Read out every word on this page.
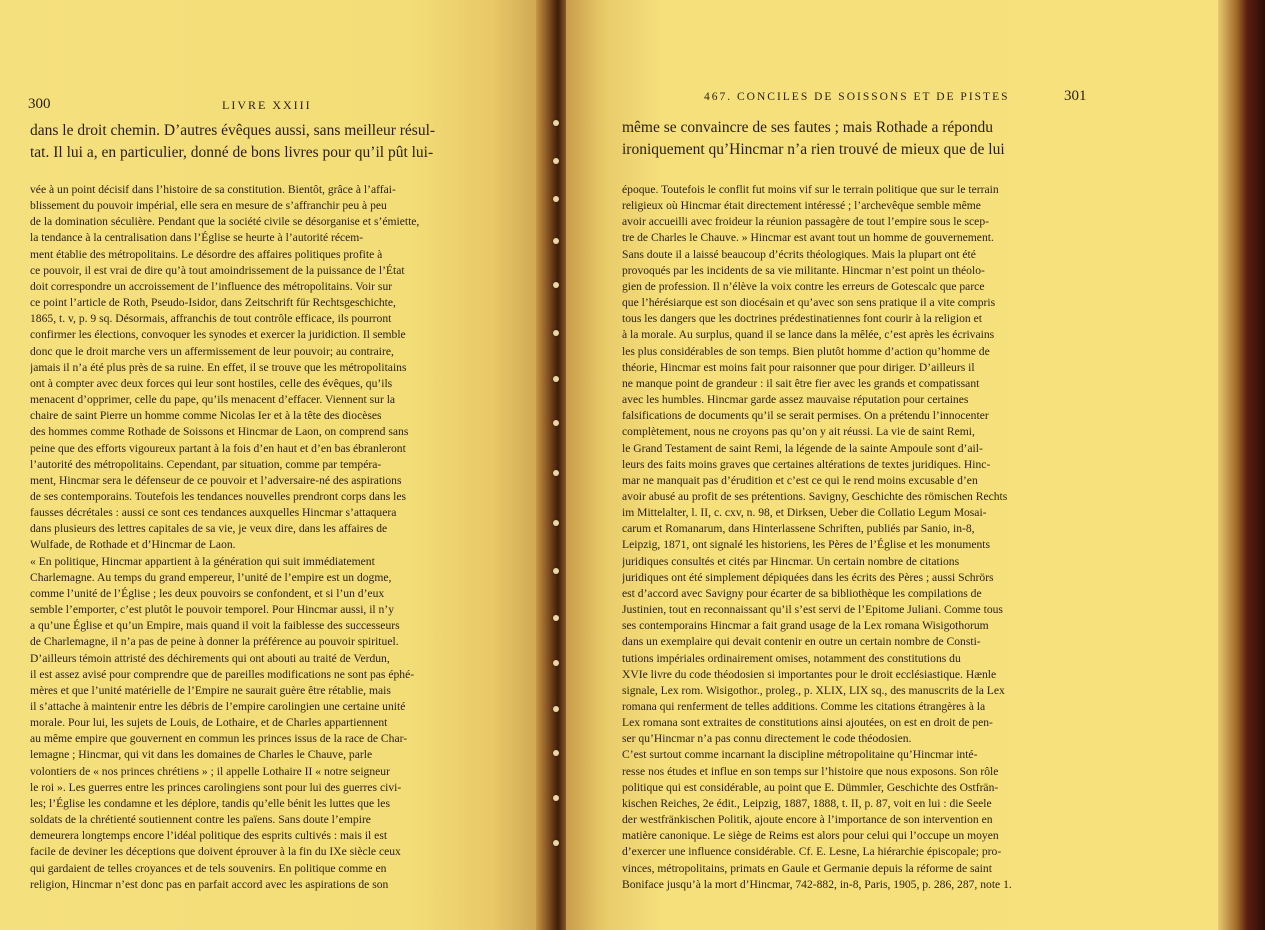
300	LIVRE XXIII
dans le droit chemin. D’autres évêques aussi, sans meilleur résul-
tat. Il lui a, en particulier, donné de bons livres pour qu’il pût lui-
vée à un point décisif dans l’histoire de sa constitution. Bientôt, grâce à l’affai-
blissement du pouvoir impérial, elle sera en mesure de s’affranchir peu à peu
de la domination séculière. Pendant que la société civile se désorganise et s’émiette,
la tendance à la centralisation dans l’Église se heurte à l’autorité récem-
ment établie des métropolitains. Le désordre des affaires politiques profite à
ce pouvoir, il est vrai de dire qu’à tout amoindrissement de la puissance de l’État
doit correspondre un accroissement de l’influence des métropolitains. Voir sur
ce point l’article de Roth, Pseudo-Isidor, dans Zeitschrift für Rechtsgeschichte,
1865, t. v, p. 9 sq. Désormais, affranchis de tout contrôle efficace, ils pourront
confirmer les élections, convoquer les synodes et exercer la juridiction. Il semble
donc que le droit marche vers un affermissement de leur pouvoir; au contraire,
jamais il n’a été plus près de sa ruine. En effet, il se trouve que les métropolitains
ont à compter avec deux forces qui leur sont hostiles, celle des évêques, qu’ils
menacent d’opprimer, celle du pape, qu’ils menacent d’effacer. Viennent sur la
chaire de saint Pierre un homme comme Nicolas Ier et à la tête des diocèses
des hommes comme Rothade de Soissons et Hincmar de Laon, on comprend sans
peine que des efforts vigoureux partant à la fois d’en haut et d’en bas ébranleront
l’autorité des métropolitains. Cependant, par situation, comme par tempéra-
ment, Hincmar sera le défenseur de ce pouvoir et l’adversaire-né des aspirations
de ses contemporains. Toutefois les tendances nouvelles prendront corps dans les
fausses décrétales : aussi ce sont ces tendances auxquelles Hincmar s’attaquera
dans plusieurs des lettres capitales de sa vie, je veux dire, dans les affaires de
Wulfade, de Rothade et d’Hincmar de Laon.
« En politique, Hincmar appartient à la génération qui suit immédiatement
Charlemagne. Au temps du grand empereur, l’unité de l’empire est un dogme,
comme l’unité de l’Église ; les deux pouvoirs se confondent, et si l’un d’eux
semble l’emporter, c’est plutôt le pouvoir temporel. Pour Hincmar aussi, il n’y
a qu’une Église et qu’un Empire, mais quand il voit la faiblesse des successeurs
de Charlemagne, il n’a pas de peine à donner la préférence au pouvoir spirituel.
D’ailleurs témoin attristé des déchirements qui ont abouti au traité de Verdun,
il est assez avisé pour comprendre que de pareilles modifications ne sont pas éphé-
mères et que l’unité matérielle de l’Empire ne saurait guère être rétablie, mais
il s’attache à maintenir entre les débris de l’empire carolingien une certaine unité
morale. Pour lui, les sujets de Louis, de Lothaire, et de Charles appartiennent
au même empire que gouvernent en commun les princes issus de la race de Char-
lemagne ; Hincmar, qui vit dans les domaines de Charles le Chauve, parle
volontiers de « nos princes chrétiens » ; il appelle Lothaire II « notre seigneur
le roi ». Les guerres entre les princes carolingiens sont pour lui des guerres civi-
les; l’Église les condamne et les déplore, tandis qu’elle bénit les luttes que les
soldats de la chrétienté soutiennent contre les païens. Sans doute l’empire
demeurera longtemps encore l’idéal politique des esprits cultivés : mais il est
facile de deviner les déceptions que doivent éprouver à la fin du IXe siècle ceux
qui gardaient de telles croyances et de tels souvenirs. En politique comme en
religion, Hincmar n’est donc pas en parfait accord avec les aspirations de son
467. CONCILES DE SOISSONS ET DE PISTES	301
même se convaincre de ses fautes ; mais Rothade a répondu
ironiquement qu’Hincmar n’a rien trouvé de mieux que de lui
époque. Toutefois le conflit fut moins vif sur le terrain politique que sur le terrain
religieux où Hincmar était directement intéressé ; l’archevêque semble même
avoir accueilli avec froideur la réunion passagère de tout l’empire sous le scep-
tre de Charles le Chauve. » Hincmar est avant tout un homme de gouvernement.
Sans doute il a laissé beaucoup d’écrits théologiques. Mais la plupart ont été
provoqués par les incidents de sa vie militante. Hincmar n’est point un théolo-
gien de profession. Il n’élève la voix contre les erreurs de Gotescalc que parce
que l’hérésiarque est son diocésain et qu’avec son sens pratique il a vite compris
tous les dangers que les doctrines prédestinatiennes font courir à la religion et
à la morale. Au surplus, quand il se lance dans la mêlée, c’est après les écrivains
les plus considérables de son temps. Bien plutôt homme d’action qu’homme de
théorie, Hincmar est moins fait pour raisonner que pour diriger. D’ailleurs il
ne manque point de grandeur : il sait être fier avec les grands et compatissant
avec les humbles. Hincmar garde assez mauvaise réputation pour certaines
falsifications de documents qu’il se serait permises. On a prétendu l’innocenter
complètement, nous ne croyons pas qu’on y ait réussi. La vie de saint Remi,
le Grand Testament de saint Remi, la légende de la sainte Ampoule sont d’ail-
leurs des faits moins graves que certaines altérations de textes juridiques. Hinc-
mar ne manquait pas d’érudition et c’est ce qui le rend moins excusable d’en
avoir abusé au profit de ses prétentions. Savigny, Geschichte des römischen Rechts
im Mittelalter, l. II, c. cxv, n. 98, et Dirksen, Ueber die Collatio Legum Mosai-
carum et Romanarum, dans Hinterlassene Schriften, publiés par Sanio, in-8,
Leipzig, 1871, ont signalé les historiens, les Pères de l’Église et les monuments
juridiques consultés et cités par Hincmar. Un certain nombre de citations
juridiques ont été simplement dépiquées dans les écrits des Pères ; aussi Schrörs
est d’accord avec Savigny pour écarter de sa bibliothèque les compilations de
Justinien, tout en reconnaissant qu’il s’est servi de l’Epitome Juliani. Comme tous
ses contemporains Hincmar a fait grand usage de la Lex romana Wisigothorum
dans un exemplaire qui devait contenir en outre un certain nombre de Consti-
tutions impériales ordinairement omises, notamment des constitutions du
XVIe livre du code théodosien si importantes pour le droit ecclésiastique. Hænle
signale, Lex rom. Wisigothor., proleg., p. XLIX, LIX sq., des manuscrits de la Lex
romana qui renferment de telles additions. Comme les citations étrangères à la
Lex romana sont extraites de constitutions ainsi ajoutées, on est en droit de pen-
ser qu’Hincmar n’a pas connu directement le code théodosien.
C’est surtout comme incarnant la discipline métropolitaine qu’Hincmar inté-
resse nos études et influe en son temps sur l’histoire que nous exposons. Son rôle
politique qui est considérable, au point que E. Dümmler, Geschichte des Ostfrän-
kischen Reiches, 2e édit., Leipzig, 1887, 1888, t. II, p. 87, voit en lui : die Seele
der westfränkischen Politik, ajoute encore à l’importance de son intervention en
matière canonique. Le siège de Reims est alors pour celui qui l’occupe un moyen
d’exercer une influence considérable. Cf. E. Lesne, La hiérarchie épiscopale; pro-
vinces, métropolitains, primats en Gaule et Germanie depuis la réforme de saint
Boniface jusqu’à la mort d’Hincmar, 742-882, in-8, Paris, 1905, p. 286, 287, note 1.
